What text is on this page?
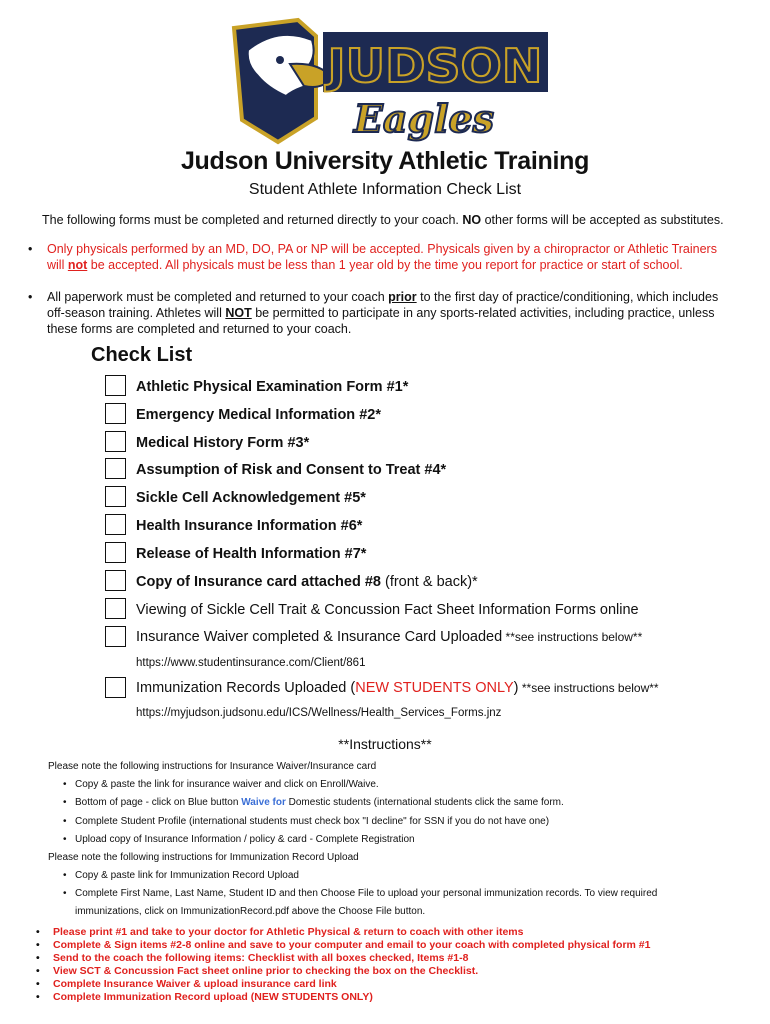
JUDSON
Eagles
Judson University Athletic Training
Student Athlete Information Check List
The following forms must be completed and returned directly to your coach. NO other forms will be accepted as substitutes.
• Only physicals performed by an MD, DO, PA or NP will be accepted. Physicals given by a chiropractor or Athletic Trainers
will not be accepted. All physicals must be less than 1 year old by the time you report for practice or start of school.
• All paperwork must be completed and returned to your coach prior to the first day of practice/conditioning, which includes
off-season training. Athletes will NOT be permitted to participate in any sports-related activities, including practice, unless
these forms are completed and returned to your coach.
Check List
Athletic Physical Examination Form #1*
Emergency Medical Information #2*
Medical History Form #3*
Assumption of Risk and Consent to Treat #4*
Sickle Cell Acknowledgement #5*
Health Insurance Information #6*
Release of Health Information #7*
Copy of Insurance card attached #8 (front & back)*
Viewing of Sickle Cell Trait & Concussion Fact Sheet Information Forms online
Insurance Waiver completed & Insurance Card Uploaded **see instructions below**
https://www.studentinsurance.com/Client/861
Immunization Records Uploaded (NEW STUDENTS ONLY) **see instructions below**
https://myjudson.judsonu.edu/ICS/Wellness/Health_Services_Forms.jnz
**Instructions**
Please note the following instructions for Insurance Waiver/Insurance card
• Copy & paste the link for insurance waiver and click on Enroll/Waive.
• Bottom of page - click on Blue button Waive for Domestic students (international students click the same form.
• Complete Student Profile (international students must check box "I decline" for SSN if you do not have one)
• Upload copy of Insurance Information / policy & card - Complete Registration
Please note the following instructions for Immunization Record Upload
• Copy & paste link for Immunization Record Upload
• Complete First Name, Last Name, Student ID and then Choose File to upload your personal immunization records. To view required
immunizations, click on ImmunizationRecord.pdf above the Choose File button.
• Please print #1 and take to your doctor for Athletic Physical & return to coach with other items
• Complete & Sign items #2-8 online and save to your computer and email to your coach with completed physical form #1
• Send to the coach the following items: Checklist with all boxes checked, Items #1-8
• View SCT & Concussion Fact sheet online prior to checking the box on the Checklist.
• Complete Insurance Waiver & upload insurance card link
• Complete Immunization Record upload (NEW STUDENTS ONLY)
